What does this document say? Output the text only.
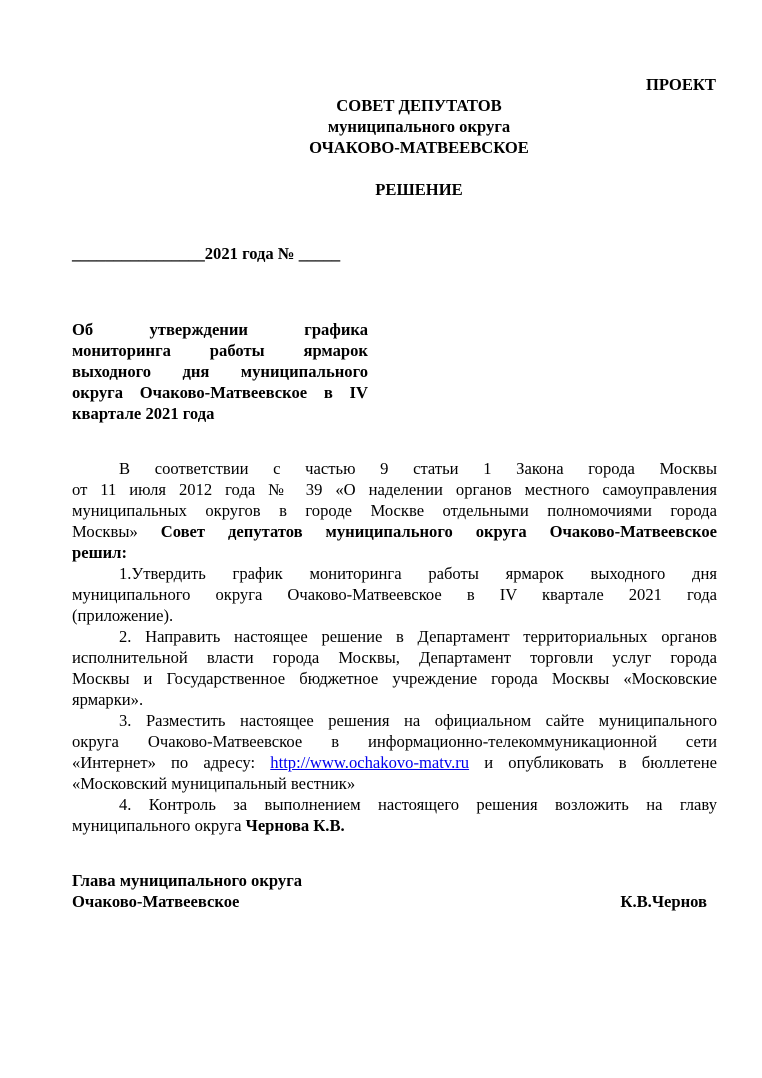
ПРОЕКТ
СОВЕТ ДЕПУТАТОВ
муниципального округа
ОЧАКОВО-МАТВЕЕВСКОЕ
РЕШЕНИЕ
________________2021 года № _____
Об утверждении графика
мониторинга работы ярмарок
выходного дня муниципального
округа Очаково-Матвеевское в IV
квартале 2021 года
В соответствии с частью 9 статьи 1 Закона города Москвы
от 11 июля 2012 года № 39 «О наделении органов местного самоуправления
муниципальных округов в городе Москве отдельными полномочиями города
Москвы» Совет депутатов муниципального округа Очаково-Матвеевское
решил:
1.Утвердить график мониторинга работы ярмарок выходного дня
муниципального округа Очаково-Матвеевское в IV квартале 2021 года
(приложение).
2. Направить настоящее решение в Департамент территориальных органов
исполнительной власти города Москвы, Департамент торговли услуг города
Москвы и Государственное бюджетное учреждение города Москвы «Московские
ярмарки».
3. Разместить настоящее решения на официальном сайте муниципального
округа Очаково-Матвеевское в информационно-телекоммуникационной сети
«Интернет» по адресу: http://www.ochakovo-matv.ru и опубликовать в бюллетене
«Московский муниципальный вестник»
4. Контроль за выполнением настоящего решения возложить на главу
муниципального округа Чернова К.В.
Глава муниципального округа
Очаково-Матвеевское	К.В.Чернов
